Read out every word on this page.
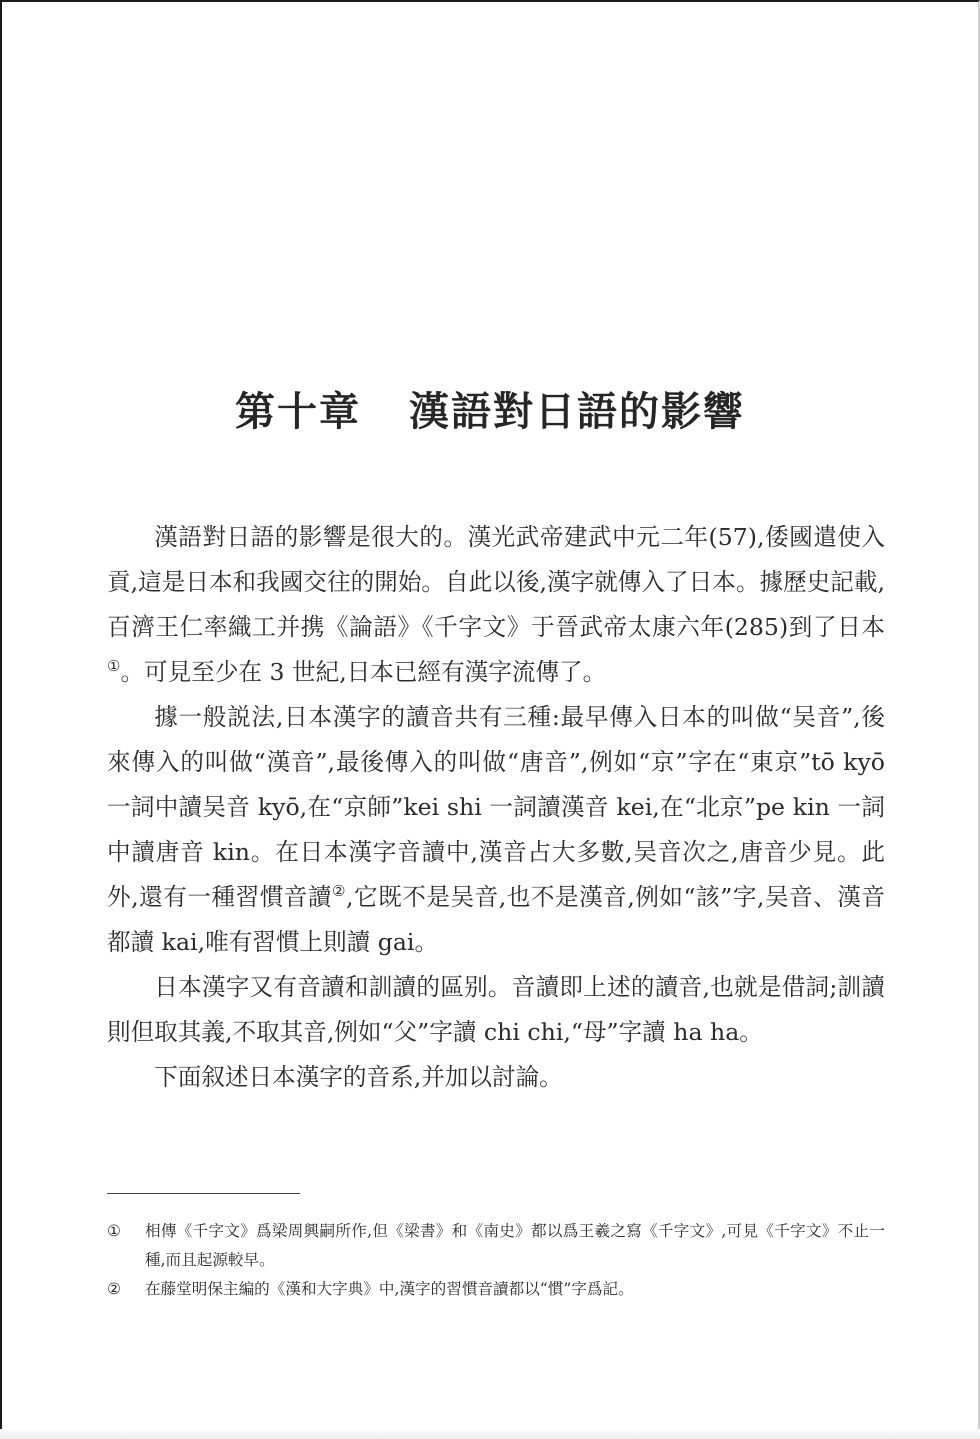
第十章 漢語對日語的影響

漢語對日語的影響是很大的。漢光武帝建武中元二年(57),倭國遣使入貢,這是日本和我國交往的開始。自此以後,漢字就傳入了日本。據歷史記載,百濟王仁率織工并携《論語》《千字文》于晉武帝太康六年(285)到了日本①。可見至少在 3 世紀,日本已經有漢字流傳了。

據一般説法,日本漢字的讀音共有三種:最早傳入日本的叫做“吴音”,後來傳入的叫做“漢音”,最後傳入的叫做“唐音”,例如“京”字在“東京”tō kyō 一詞中讀吴音 kyō,在“京師”kei shi 一詞讀漢音 kei,在“北京”pe kin 一詞中讀唐音 kin。在日本漢字音讀中,漢音占大多數,吴音次之,唐音少見。此外,還有一種習慣音讀②,它既不是吴音,也不是漢音,例如“該”字,吴音、漢音都讀 kai,唯有習慣上則讀 gai。

日本漢字又有音讀和訓讀的區别。音讀即上述的讀音,也就是借詞;訓讀則但取其義,不取其音,例如“父”字讀 chi chi,“母”字讀 ha ha。

下面叙述日本漢字的音系,并加以討論。

①	相傳《千字文》爲梁周興嗣所作,但《梁書》和《南史》都以爲王羲之寫《千字文》,可見《千字文》不止一種,而且起源較早。
②	在藤堂明保主編的《漢和大字典》中,漢字的習慣音讀都以“慣”字爲記。
